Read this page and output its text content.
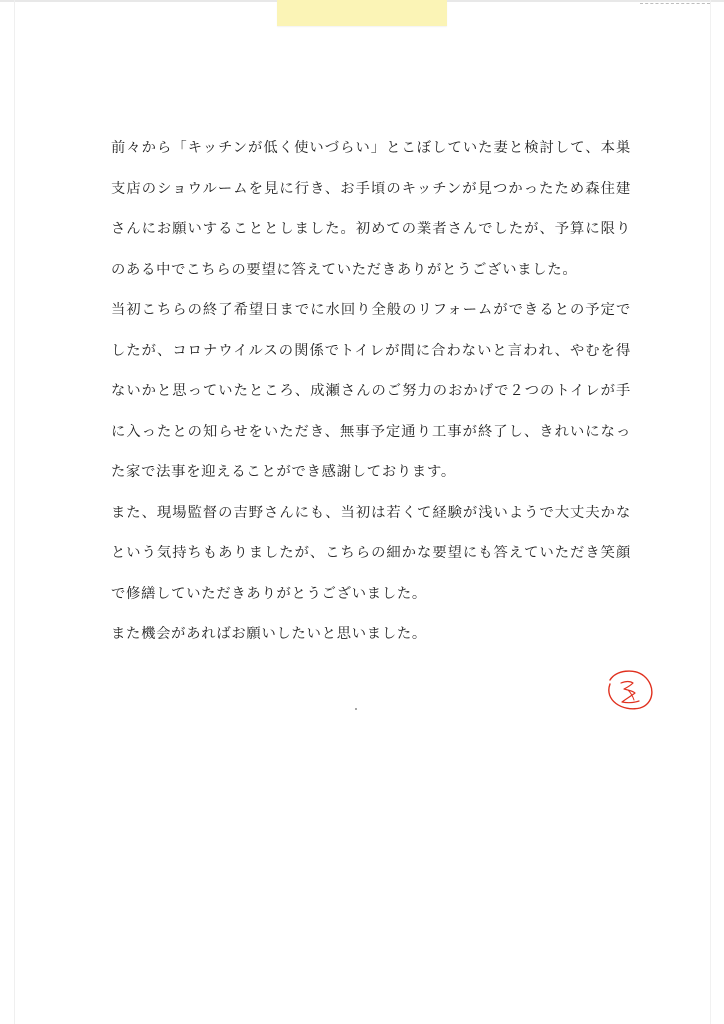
前々から「キッチンが低く使いづらい」とこぼしていた妻と検討して、本巣支店のショウルームを見に行き、お手頃のキッチンが見つかったため森住建さんにお願いすることとしました。初めての業者さんでしたが、予算に限りのある中でこちらの要望に答えていただきありがとうございました。

当初こちらの終了希望日までに水回り全般のリフォームができるとの予定でしたが、コロナウイルスの関係でトイレが間に合わないと言われ、やむを得ないかと思っていたところ、成瀬さんのご努力のおかげで２つのトイレが手に入ったとの知らせをいただき、無事予定通り工事が終了し、きれいになった家で法事を迎えることができ感謝しております。

また、現場監督の吉野さんにも、当初は若くて経験が浅いようで大丈夫かなという気持ちもありましたが、こちらの細かな要望にも答えていただき笑顔で修繕していただきありがとうございました。

また機会があればお願いしたいと思いました。
